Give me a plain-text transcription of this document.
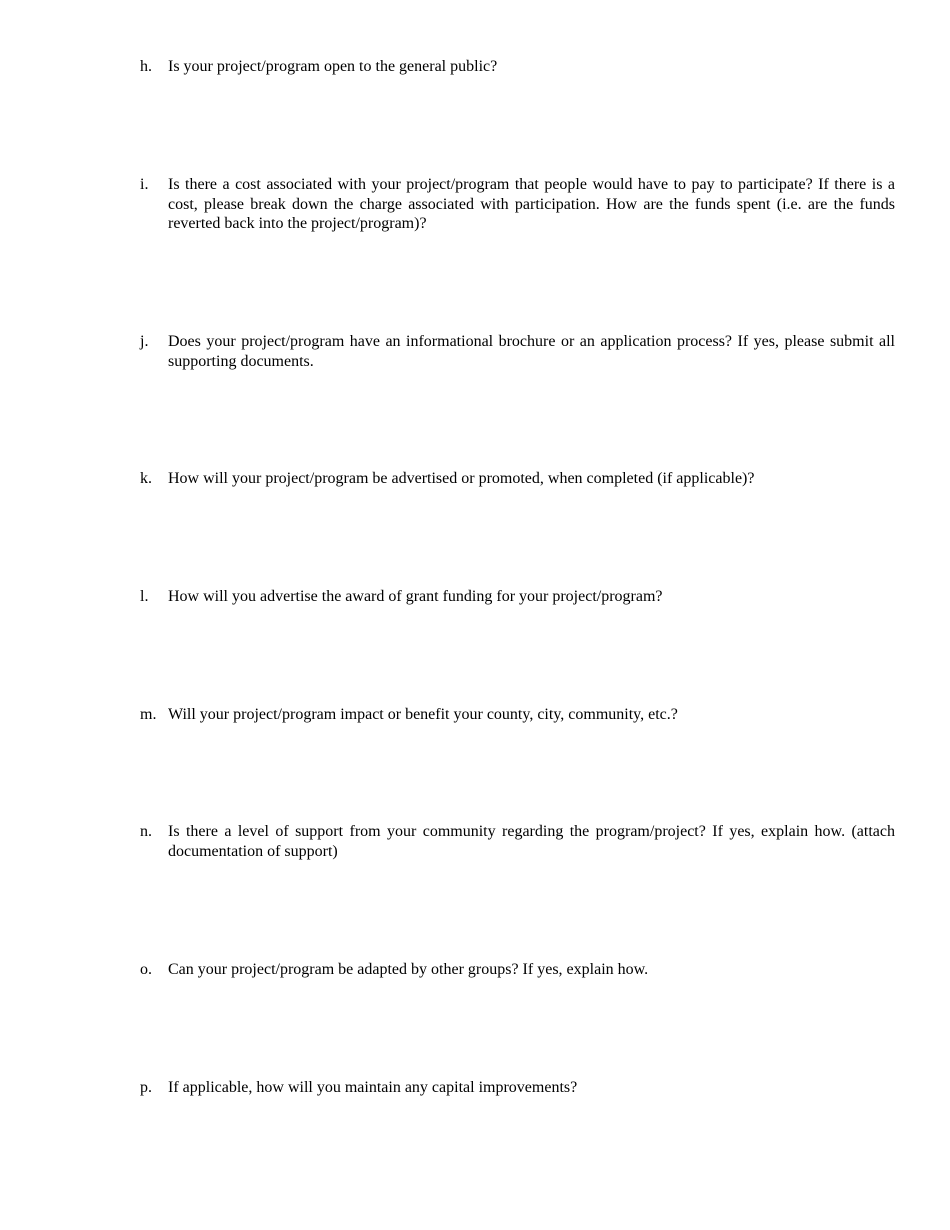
h.	Is your project/program open to the general public?
i.	Is there a cost associated with your project/program that people would have to pay to participate? If there is a cost, please break down the charge associated with participation. How are the funds spent (i.e. are the funds reverted back into the project/program)?
j.	Does your project/program have an informational brochure or an application process? If yes, please submit all supporting documents.
k.	How will your project/program be advertised or promoted, when completed (if applicable)?
l.	How will you advertise the award of grant funding for your project/program?
m. Will your project/program impact or benefit your county, city, community, etc.?
n.	Is there a level of support from your community regarding the program/project? If yes, explain how. (attach documentation of support)
o.	Can your project/program be adapted by other groups? If yes, explain how.
p.	If applicable, how will you maintain any capital improvements?
